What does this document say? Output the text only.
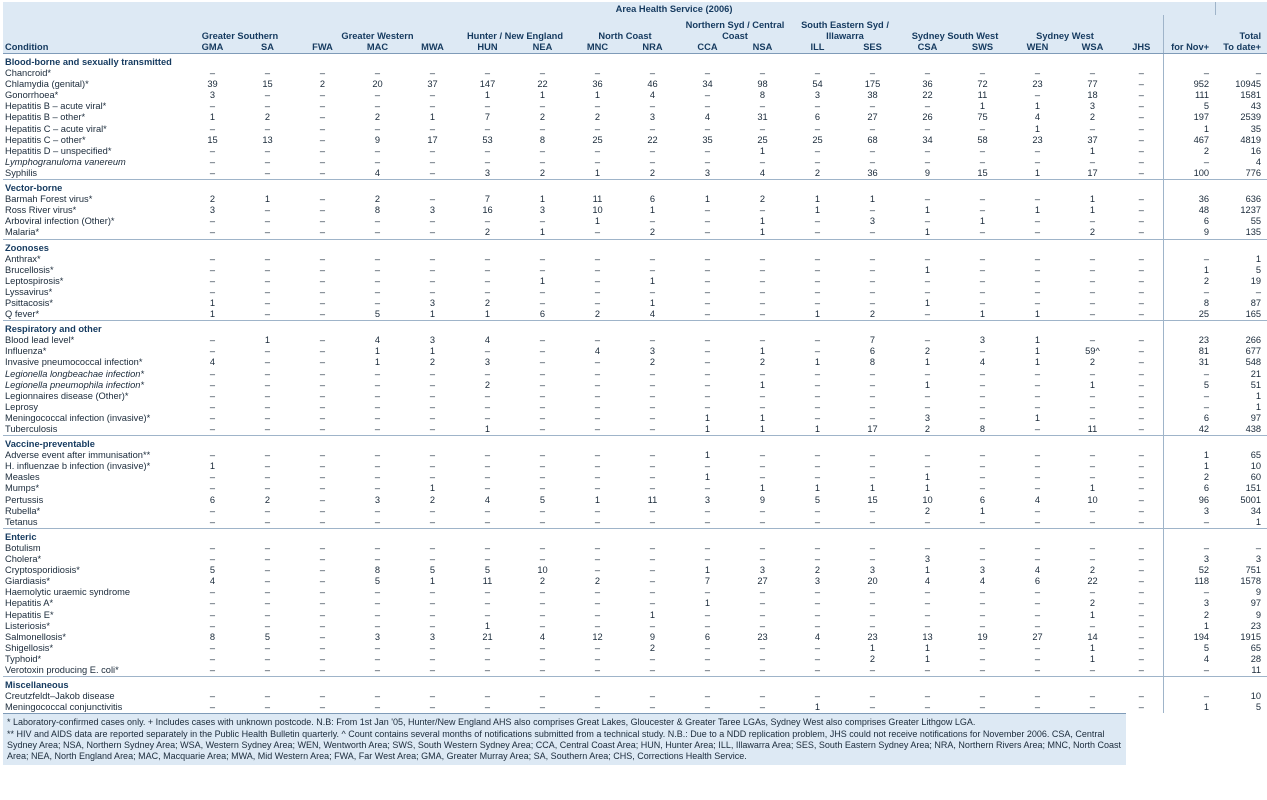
	Area Health Service (2006)																			
	Greater Southern		Greater Western			Hunter / New England		North Coast		Northern Syd / Central Coast		South Eastern Syd / Illawarra		Sydney South West		Sydney West			Total	
Condition	GMA	SA	FWA	MAC	MWA	HUN	NEA	MNC	NRA	CCA	NSA	ILL	SES	CSA	SWS	WEN	WSA	JHS	for Nov+	To date+
Blood-borne and sexually transmitted																				
Chancroid*	–	–	–	–	–	–	–	–	–	–	–	–	–	–	–	–	–	–	–	–
Chlamydia (genital)*	39	15	2	20	37	147	22	36	46	34	98	54	175	36	72	23	77	–	952	10945
Gonorrhoea*	3	–	–	–	–	1	1	1	4	–	8	3	38	22	11	–	18	–	111	1581
Hepatitis B – acute viral*	–	–	–	–	–	–	–	–	–	–	–	–	–	–	1	1	3	–	5	43
Hepatitis B – other*	1	2	–	2	1	7	2	2	3	4	31	6	27	26	75	4	2	–	197	2539
Hepatitis C – acute viral*	–	–	–	–	–	–	–	–	–	–	–	–	–	–	–	1	–	–	1	35
Hepatitis C – other*	15	13	–	9	17	53	8	25	22	35	25	25	68	34	58	23	37	–	467	4819
Hepatitis D – unspecified*	–	–	–	–	–	–	–	–	–	–	1	–	–	–	–	–	1	–	2	16
Lymphogranuloma vanereum	–	–	–	–	–	–	–	–	–	–	–	–	–	–	–	–	–	–	–	4
Syphilis	–	–	–	4	–	3	2	1	2	3	4	2	36	9	15	1	17	–	100	776
Vector-borne																				
Barmah Forest virus*	2	1	–	2	–	7	1	11	6	1	2	1	1	–	–	–	1	–	36	636
Ross River virus*	3	–	–	8	3	16	3	10	1	–	–	1	–	1	–	1	1	–	48	1237
Arboviral infection (Other)*	–	–	–	–	–	–	–	1	–	–	1	–	3	–	1	–	–	–	6	55
Malaria*	–	–	–	–	–	2	1	–	2	–	1	–	–	1	–	–	2	–	9	135
Zoonoses																				
Anthrax*	–	–	–	–	–	–	–	–	–	–	–	–	–	–	–	–	–	–	–	1
Brucellosis*	–	–	–	–	–	–	–	–	–	–	–	–	–	1	–	–	–	–	1	5
Leptospirosis*	–	–	–	–	–	–	1	–	1	–	–	–	–	–	–	–	–	–	2	19
Lyssavirus*	–	–	–	–	–	–	–	–	–	–	–	–	–	–	–	–	–	–	–	–
Psittacosis*	1	–	–	–	3	2	–	–	1	–	–	–	–	1	–	–	–	–	8	87
Q fever*	1	–	–	5	1	1	6	2	4	–	–	1	2	–	1	1	–	–	25	165
Respiratory and other																				
Blood lead level*	–	1	–	4	3	4	–	–	–	–	–	–	7	–	3	1	–	–	23	266
Influenza*	–	–	–	1	1	–	–	4	3	–	1	–	6	2	–	1	59^	–	81	677
Invasive pneumococcal infection*	4	–	–	1	2	3	–	–	2	–	2	1	8	1	4	1	2	–	31	548
Legionella longbeachae infection*	–	–	–	–	–	–	–	–	–	–	–	–	–	–	–	–	–	–	–	21
Legionella pneumophila infection*	–	–	–	–	–	2	–	–	–	–	1	–	–	1	–	–	1	–	5	51
Legionnaires disease (Other)*	–	–	–	–	–	–	–	–	–	–	–	–	–	–	–	–	–	–	–	1
Leprosy	–	–	–	–	–	–	–	–	–	–	–	–	–	–	–	–	–	–	–	1
Meningococcal infection (invasive)*	–	–	–	–	–	–	–	–	–	1	1	–	–	3	–	1	–	–	6	97
Tuberculosis	–	–	–	–	–	1	–	–	–	1	1	1	17	2	8	–	11	–	42	438
Vaccine-preventable																				
Adverse event after immunisation**	–	–	–	–	–	–	–	–	–	1	–	–	–	–	–	–	–	–	1	65
H. influenzae b infection (invasive)*	1	–	–	–	–	–	–	–	–	–	–	–	–	–	–	–	–	–	1	10
Measles	–	–	–	–	–	–	–	–	–	1	–	–	–	1	–	–	–	–	2	60
Mumps*	–	–	–	–	1	–	–	–	–	–	1	1	1	1	–	–	1	–	6	151
Pertussis	6	2	–	3	2	4	5	1	11	3	9	5	15	10	6	4	10	–	96	5001
Rubella*	–	–	–	–	–	–	–	–	–	–	–	–	–	2	1	–	–	–	3	34
Tetanus	–	–	–	–	–	–	–	–	–	–	–	–	–	–	–	–	–	–	–	1
Enteric																				
Botulism	–	–	–	–	–	–	–	–	–	–	–	–	–	–	–	–	–	–	–	–
Cholera*	–	–	–	–	–	–	–	–	–	–	–	–	–	3	–	–	–	–	3	3
Cryptosporidiosis*	5	–	–	8	5	5	10	–	–	1	3	2	3	1	3	4	2	–	52	751
Giardiasis*	4	–	–	5	1	11	2	2	–	7	27	3	20	4	4	6	22	–	118	1578
Haemolytic uraemic syndrome	–	–	–	–	–	–	–	–	–	–	–	–	–	–	–	–	–	–	–	9
Hepatitis A*	–	–	–	–	–	–	–	–	–	1	–	–	–	–	–	–	2	–	3	97
Hepatitis E*	–	–	–	–	–	–	–	–	1	–	–	–	–	–	–	–	1	–	2	9
Listeriosis*	–	–	–	–	–	1	–	–	–	–	–	–	–	–	–	–	–	–	1	23
Salmonellosis*	8	5	–	3	3	21	4	12	9	6	23	4	23	13	19	27	14	–	194	1915
Shigellosis*	–	–	–	–	–	–	–	–	2	–	–	–	1	1	–	–	1	–	5	65
Typhoid*	–	–	–	–	–	–	–	–	–	–	–	–	2	1	–	–	1	–	4	28
Verotoxin producing E. coli*	–	–	–	–	–	–	–	–	–	–	–	–	–	–	–	–	–	–	–	11
Miscellaneous																				
Creutzfeldt–Jakob disease	–	–	–	–	–	–	–	–	–	–	–	–	–	–	–	–	–	–	–	10
Meningococcal conjunctivitis	–	–	–	–	–	–	–	–	–	–	–	1	–	–	–	–	–	–	1	5
* Laboratory-confirmed cases only. + Includes cases with unknown postcode. N.B: From 1st Jan '05, Hunter/New England AHS also comprises Great Lakes, Gloucester & Greater Taree LGAs, Sydney West also comprises Greater Lithgow LGA.
** HIV and AIDS data are reported separately in the Public Health Bulletin quarterly. ^ Count contains several months of notifications submitted from a technical study. N.B.: Due to a NDD replication problem, JHS could not receive notifications for November 2006. CSA, Central Sydney Area; NSA, Northern Sydney Area; WSA, Western Sydney Area; WEN, Wentworth Area; SWS, South Western Sydney Area; CCA, Central Coast Area; HUN, Hunter Area; ILL, Illawarra Area; SES, South Eastern Sydney Area; NRA, Northern Rivers Area; MNC, North Coast Area; NEA, North England Area; MAC, Macquarie Area; MWA, Mid Western Area; FWA, Far West Area; GMA, Greater Murray Area; SA, Southern Area; CHS, Corrections Health Service.
